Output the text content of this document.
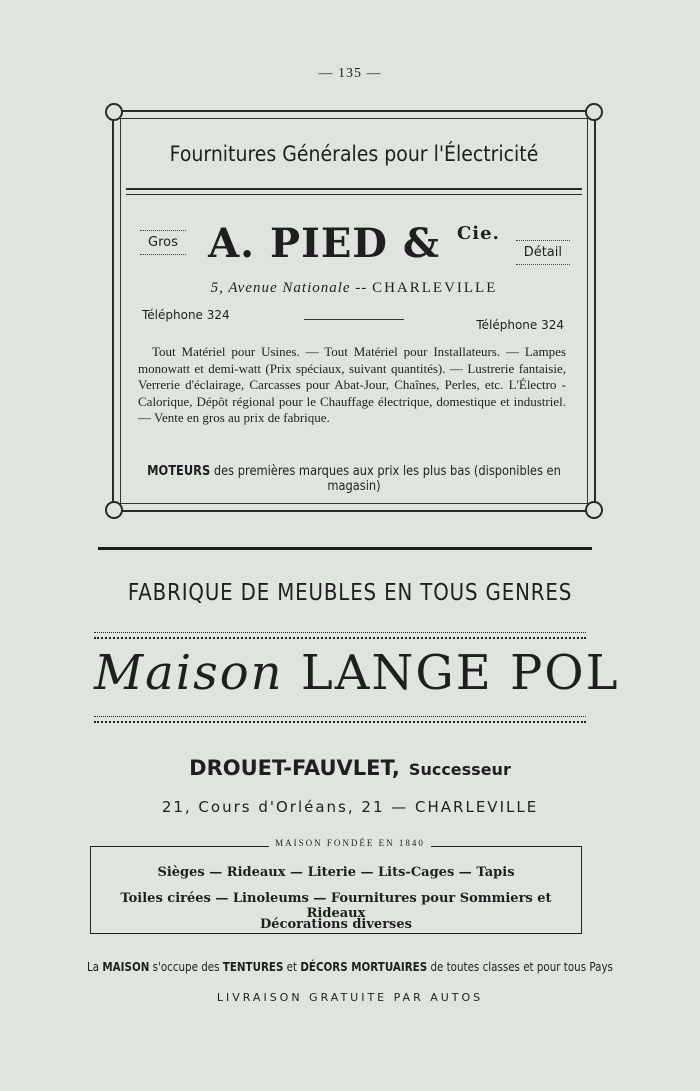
— 135 —
Fournitures Générales pour l'Électricité
Gros
Détail
A. PIED & $^{Cie.}$
5, Avenue Nationale -- CHARLEVILLE
Téléphone 324
Téléphone 324
Tout Matériel pour Usines. — Tout Matériel pour Installateurs. — Lampes monowatt et demi-watt (Prix spéciaux, suivant quantités). — Lustrerie fantaisie, Verrerie d'éclairage, Carcasses pour Abat-Jour, Chaînes, Perles, etc. L'Électro - Calorique, Dépôt régional pour le Chauffage électrique, domestique et industriel. — Vente en gros au prix de fabrique.
MOTEURS des premières marques aux prix les plus bas (disponibles en magasin)
FABRIQUE DE MEUBLES EN TOUS GENRES
Maison LANGE POL
DROUET-FAUVLET, Successeur
21, Cours d'Orléans, 21 — CHARLEVILLE
Sièges — Rideaux — Literie — Lits-Cages — Tapis
Toiles cirées — Linoleums — Fournitures pour Sommiers et Rideaux
Décorations diverses
MAISON FONDÉE EN 1840
La MAISON s'occupe des TENTURES et DÉCORS MORTUAIRES de toutes classes et pour tous Pays
LIVRAISON GRATUITE PAR AUTOS
